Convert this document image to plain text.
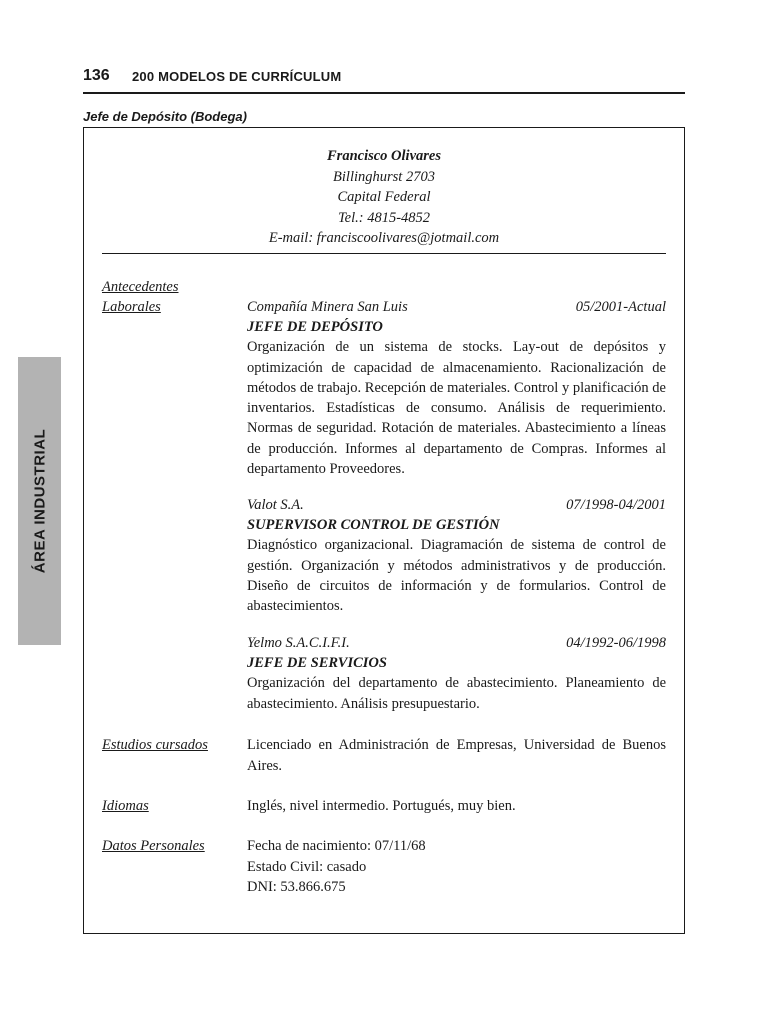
136 200 MODELOS DE CURRÍCULUM
Jefe de Depósito (Bodega)
ÁREA INDUSTRIAL
Francisco Olivares
Billinghurst 2703
Capital Federal
Tel.: 4815-4852
E-mail: franciscoolivares@jotmail.com
Antecedentes
Laborales	Compañía Minera San Luis	05/2001-Actual
JEFE DE DEPÓSITO
Organización de un sistema de stocks. Lay-out de depósitos y optimización de capacidad de almacenamiento. Racionalización de métodos de trabajo. Recepción de materiales. Control y planificación de inventarios. Estadísticas de consumo. Análisis de requerimiento. Normas de seguridad. Rotación de materiales. Abastecimiento a líneas de producción. Informes al departamento de Compras. Informes al departamento Proveedores.
Valot S.A.	07/1998-04/2001
SUPERVISOR CONTROL DE GESTIÓN
Diagnóstico organizacional. Diagramación de sistema de control de gestión. Organización y métodos administrativos y de producción. Diseño de circuitos de información y de formularios. Control de abastecimientos.
Yelmo S.A.C.I.F.I.	04/1992-06/1998
JEFE DE SERVICIOS
Organización del departamento de abastecimiento. Planeamiento de abastecimiento. Análisis presupuestario.
Estudios cursados	Licenciado en Administración de Empresas, Universidad de Buenos Aires.
Idiomas	Inglés, nivel intermedio. Portugués, muy bien.
Datos Personales	Fecha de nacimiento: 07/11/68
Estado Civil: casado
DNI: 53.866.675
